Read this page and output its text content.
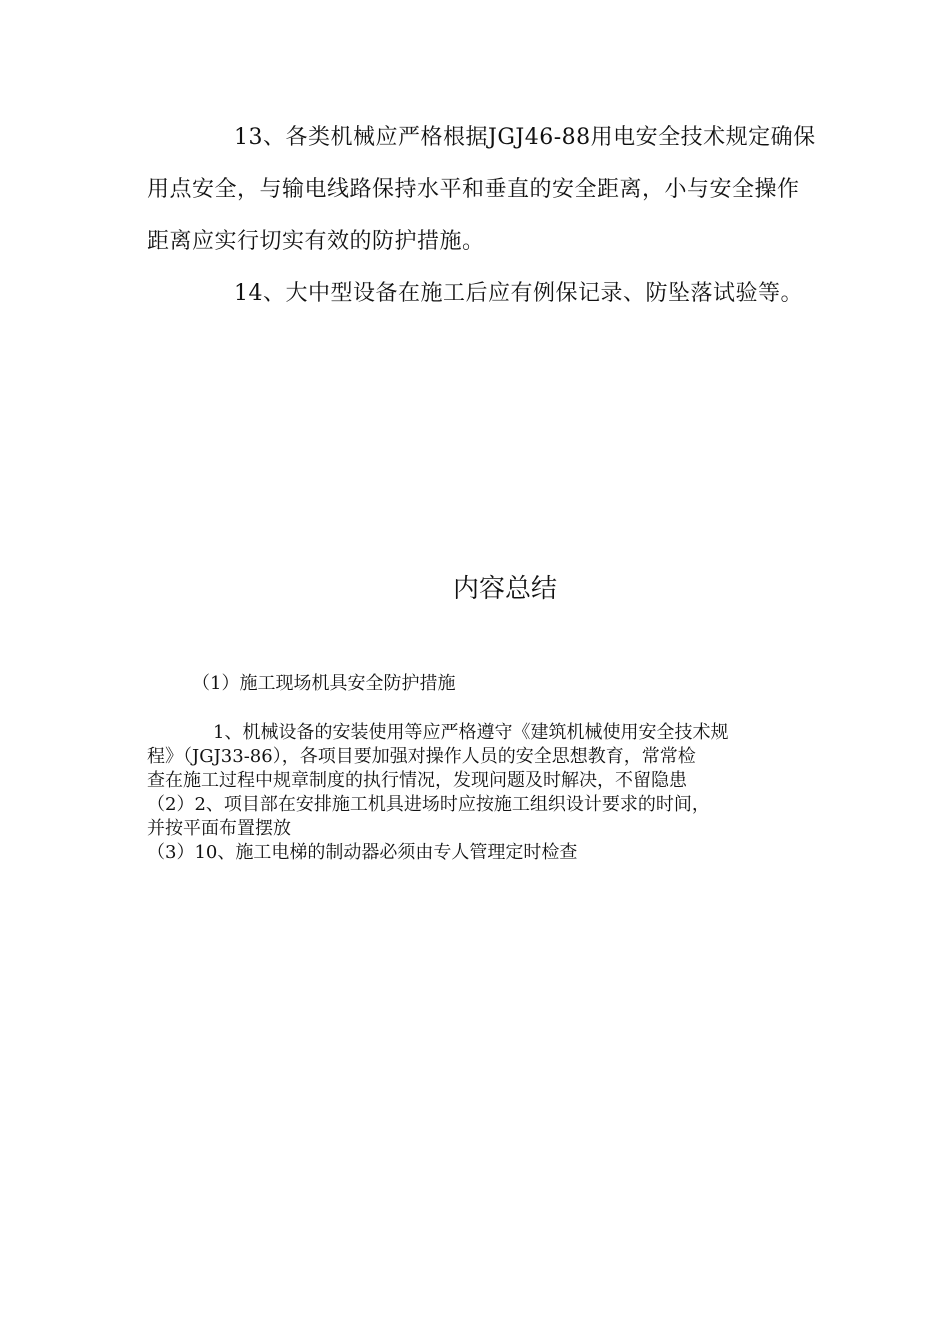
13、各类机械应严格根据JGJ46-88用电安全技术规定确保
用点安全，与输电线路保持水平和垂直的安全距离，小与安全操作
距离应实行切实有效的防护措施。
14、大中型设备在施工后应有例保记录、防坠落试验等。
内容总结
（1）施工现场机具安全防护措施
1、机械设备的安装使用等应严格遵守《建筑机械使用安全技术规
程》（JGJ33-86），各项目要加强对操作人员的安全思想教育，常常检
查在施工过程中规章制度的执行情况，发现问题及时解决，不留隐患
（2）2、项目部在安排施工机具进场时应按施工组织设计要求的时间，
并按平面布置摆放
（3）10、施工电梯的制动器必须由专人管理定时检查
